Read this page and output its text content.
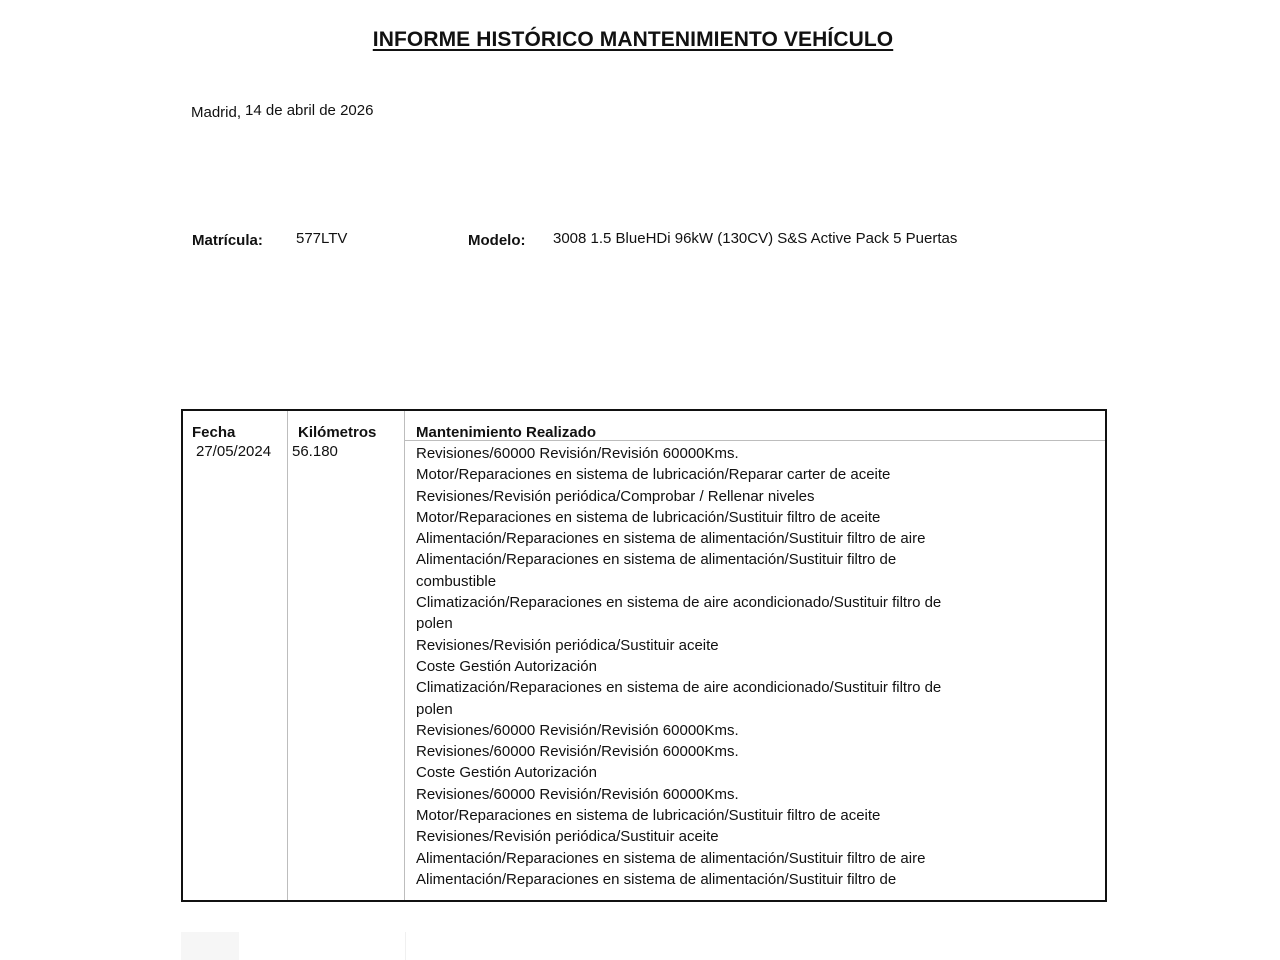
INFORME HISTÓRICO MANTENIMIENTO VEHÍCULO
Madrid, 14 de abril de 2026
Matrícula: 577LTV	Modelo: 3008 1.5 BlueHDi 96kW (130CV) S&S Active Pack 5 Puertas
Fecha	Kilómetros	Mantenimiento Realizado
27/05/2024 56.180	Revisiones/60000 Revisión/Revisión 60000Kms.
Motor/Reparaciones en sistema de lubricación/Reparar carter de aceite
Revisiones/Revisión periódica/Comprobar / Rellenar niveles
Motor/Reparaciones en sistema de lubricación/Sustituir filtro de aceite
Alimentación/Reparaciones en sistema de alimentación/Sustituir filtro de aire
Alimentación/Reparaciones en sistema de alimentación/Sustituir filtro de
combustible
Climatización/Reparaciones en sistema de aire acondicionado/Sustituir filtro de
polen
Revisiones/Revisión periódica/Sustituir aceite
Coste Gestión Autorización
Climatización/Reparaciones en sistema de aire acondicionado/Sustituir filtro de
polen
Revisiones/60000 Revisión/Revisión 60000Kms.
Revisiones/60000 Revisión/Revisión 60000Kms.
Coste Gestión Autorización
Revisiones/60000 Revisión/Revisión 60000Kms.
Motor/Reparaciones en sistema de lubricación/Sustituir filtro de aceite
Revisiones/Revisión periódica/Sustituir aceite
Alimentación/Reparaciones en sistema de alimentación/Sustituir filtro de aire
Alimentación/Reparaciones en sistema de alimentación/Sustituir filtro de
